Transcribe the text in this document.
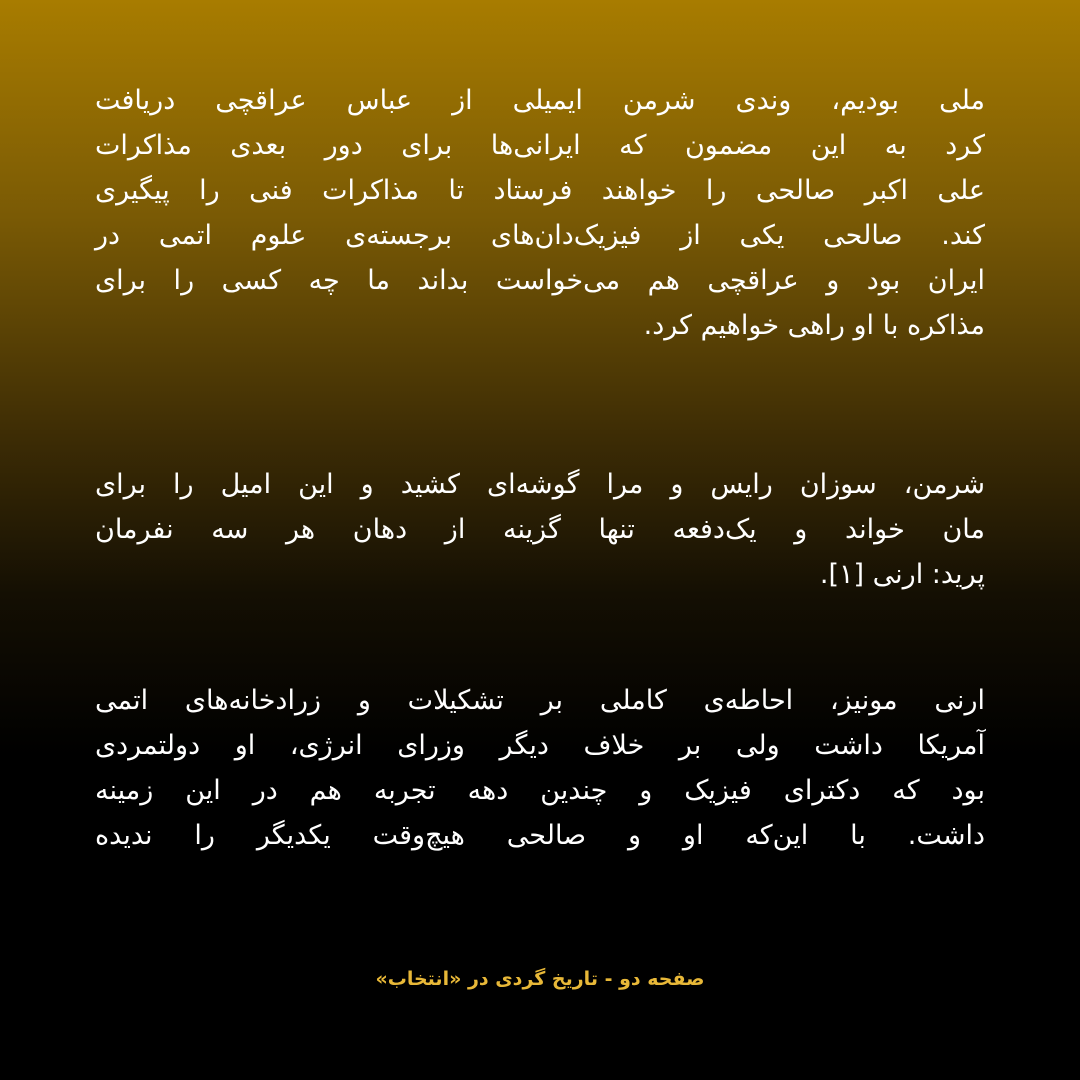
ملی بودیم، وندی شرمن ایمیلی از عباس عراقچی دریافت
کرد به این مضمون که ایرانی‌ها برای دور بعدی مذاکرات
علی اکبر صالحی را خواهند فرستاد تا مذاکرات فنی را پیگیری
کند. صالحی یکی از فیزیک‌دان‌های برجسته‌ی علوم اتمی در
ایران بود و عراقچی هم می‌خواست بداند ما چه کسی را برای
مذاکره با او راهی خواهیم کرد.
شرمن، سوزان رایس و مرا گوشه‌ای کشید و این امیل را برای
مان خواند و یک‌دفعه تنها گزینه از دهان هر سه نفرمان
پرید: ارنی [۱].
ارنی مونیز، احاطه‌ی کاملی بر تشکیلات و زرادخانه‌های اتمی
آمریکا داشت ولی بر خلاف دیگر وزرای انرژی، او دولتمردی
بود که دکترای فیزیک و چندین دهه تجربه هم در این زمینه
داشت. با این‌که او و صالحی هیچ‌وقت یکدیگر را ندیده
صفحه دو - تاریخ گردی در «انتخاب»
